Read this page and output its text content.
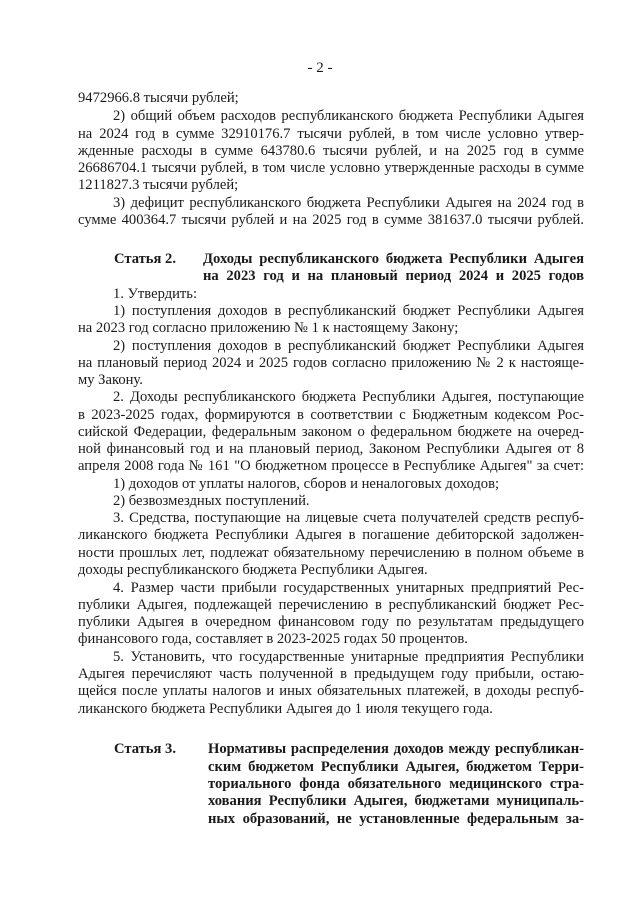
- 2 -
9472966.8 тысячи рублей;
2) общий объем расходов республиканского бюджета Республики Адыгея
на 2024 год в сумме 32910176.7 тысячи рублей, в том числе условно утвер-
жденные расходы в сумме 643780.6 тысячи рублей, и на 2025 год в сумме
26686704.1 тысячи рублей, в том числе условно утвержденные расходы в сумме
1211827.3 тысячи рублей;
3) дефицит республиканского бюджета Республики Адыгея на 2024 год в
сумме 400364.7 тысячи рублей и на 2025 год в сумме 381637.0 тысячи рублей.
Статья 2. Доходы республиканского бюджета Республики Адыгея
на 2023 год и на плановый период 2024 и 2025 годов
1. Утвердить:
1) поступления доходов в республиканский бюджет Республики Адыгея
на 2023 год согласно приложению № 1 к настоящему Закону;
2) поступления доходов в республиканский бюджет Республики Адыгея
на плановый период 2024 и 2025 годов согласно приложению № 2 к настояще-
му Закону.
2. Доходы республиканского бюджета Республики Адыгея, поступающие
в 2023-2025 годах, формируются в соответствии с Бюджетным кодексом Рос-
сийской Федерации, федеральным законом о федеральном бюджете на очеред-
ной финансовый год и на плановый период, Законом Республики Адыгея от 8
апреля 2008 года № 161 "О бюджетном процессе в Республике Адыгея" за счет:
1) доходов от уплаты налогов, сборов и неналоговых доходов;
2) безвозмездных поступлений.
3. Средства, поступающие на лицевые счета получателей средств респуб-
ликанского бюджета Республики Адыгея в погашение дебиторской задолжен-
ности прошлых лет, подлежат обязательному перечислению в полном объеме в
доходы республиканского бюджета Республики Адыгея.
4. Размер части прибыли государственных унитарных предприятий Рес-
публики Адыгея, подлежащей перечислению в республиканский бюджет Рес-
публики Адыгея в очередном финансовом году по результатам предыдущего
финансового года, составляет в 2023-2025 годах 50 процентов.
5. Установить, что государственные унитарные предприятия Республики
Адыгея перечисляют часть полученной в предыдущем году прибыли, остаю-
щейся после уплаты налогов и иных обязательных платежей, в доходы респуб-
ликанского бюджета Республики Адыгея до 1 июля текущего года.
Статья 3. Нормативы распределения доходов между республикан-
ским бюджетом Республики Адыгея, бюджетом Терри-
ториального фонда обязательного медицинского стра-
хования Республики Адыгея, бюджетами муниципаль-
ных образований, не установленные федеральным за-
